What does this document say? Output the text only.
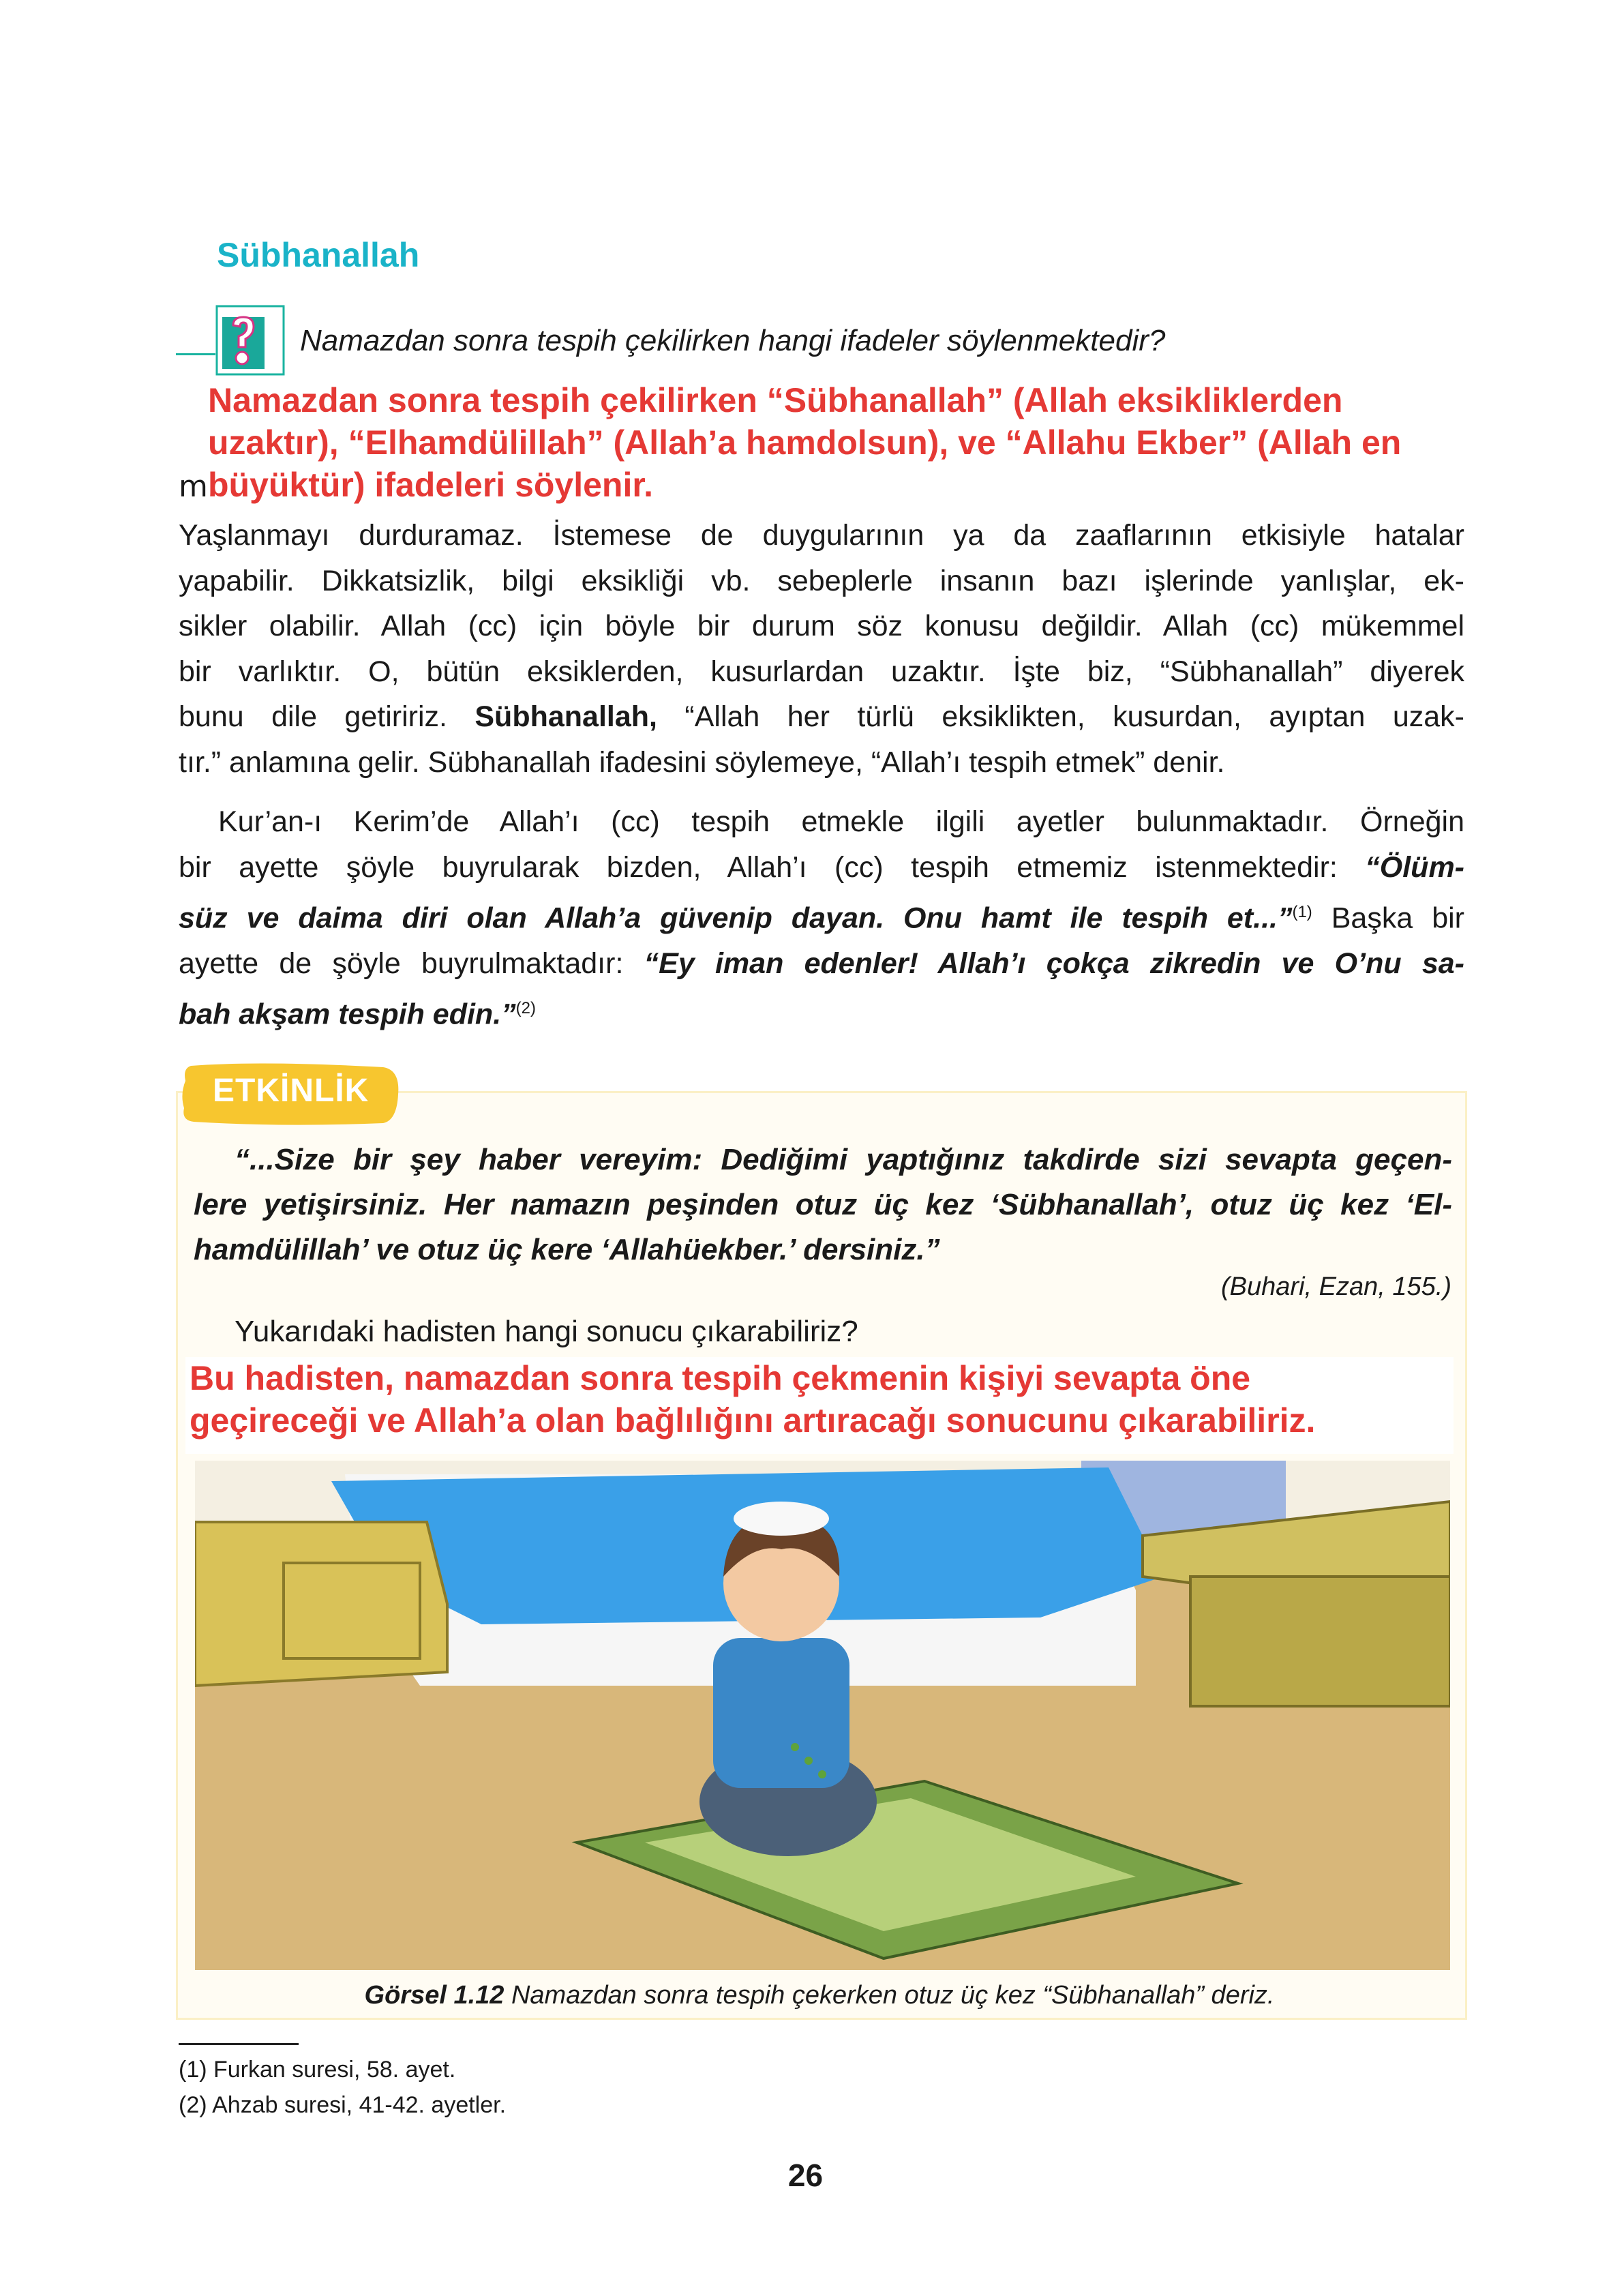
Sübhanallah
Namazdan sonra tespih çekilirken hangi ifadeler söylenmektedir?
Yaşlanmayı durduramaz. İstemese de duygularının ya da zaaflarının etkisiyle hatalar
yapabilir. Dikkatsizlik, bilgi eksikliği vb. sebeplerle insanın bazı işlerinde yanlışlar, ek-
sikler olabilir. Allah (cc) için böyle bir durum söz konusu değildir. Allah (cc) mükemmel
bir varlıktır. O, bütün eksiklerden, kusurlardan uzaktır. İşte biz, “Sübhanallah” diyerek
bunu dile getiririz. Sübhanallah, “Allah her türlü eksiklikten, kusurdan, ayıptan uzak-
tır.” anlamına gelir. Sübhanallah ifadesini söylemeye, “Allah’ı tespih etmek” denir.
Kur’an-ı Kerim’de Allah’ı (cc) tespih etmekle ilgili ayetler bulunmaktadır. Örneğin
bir ayette şöyle buyrularak bizden, Allah’ı (cc) tespih etmemiz istenmektedir: “Ölüm-
süz ve daima diri olan Allah’a güvenip dayan. Onu hamt ile tespih et...”$^{(1)}$ Başka bir
ayette de şöyle buyrulmaktadır: “Ey iman edenler! Allah’ı çokça zikredin ve O’nu sa-
bah akşam tespih edin.”$^{(2)}$
Namazdan sonra tespih çekilirken “Sübhanallah” (Allah eksikliklerden
uzaktır), “Elhamdülillah” (Allah’a hamdolsun), ve “Allahu Ekber” (Allah en
büyüktür) ifadeleri söylenir.
m
ETKİNLİK
“...Size bir şey haber vereyim: Dediğimi yaptığınız takdirde sizi sevapta geçen-
lere yetişirsiniz. Her namazın peşinden otuz üç kez ‘Sübhanallah’, otuz üç kez ‘El-
hamdülillah’ ve otuz üç kere ‘Allahüekber.’ dersiniz.”
(Buhari, Ezan, 155.)
Yukarıdaki hadisten hangi sonucu çıkarabiliriz?
Bu hadisten, namazdan sonra tespih çekmenin kişiyi sevapta öne
geçireceği ve Allah’a olan bağlılığını artıracağı sonucunu çıkarabiliriz.
Görsel 1.12 Namazdan sonra tespih çekerken otuz üç kez “Sübhanallah” deriz.
(1) Furkan suresi, 58. ayet.
(2) Ahzab suresi, 41-42. ayetler.
26
